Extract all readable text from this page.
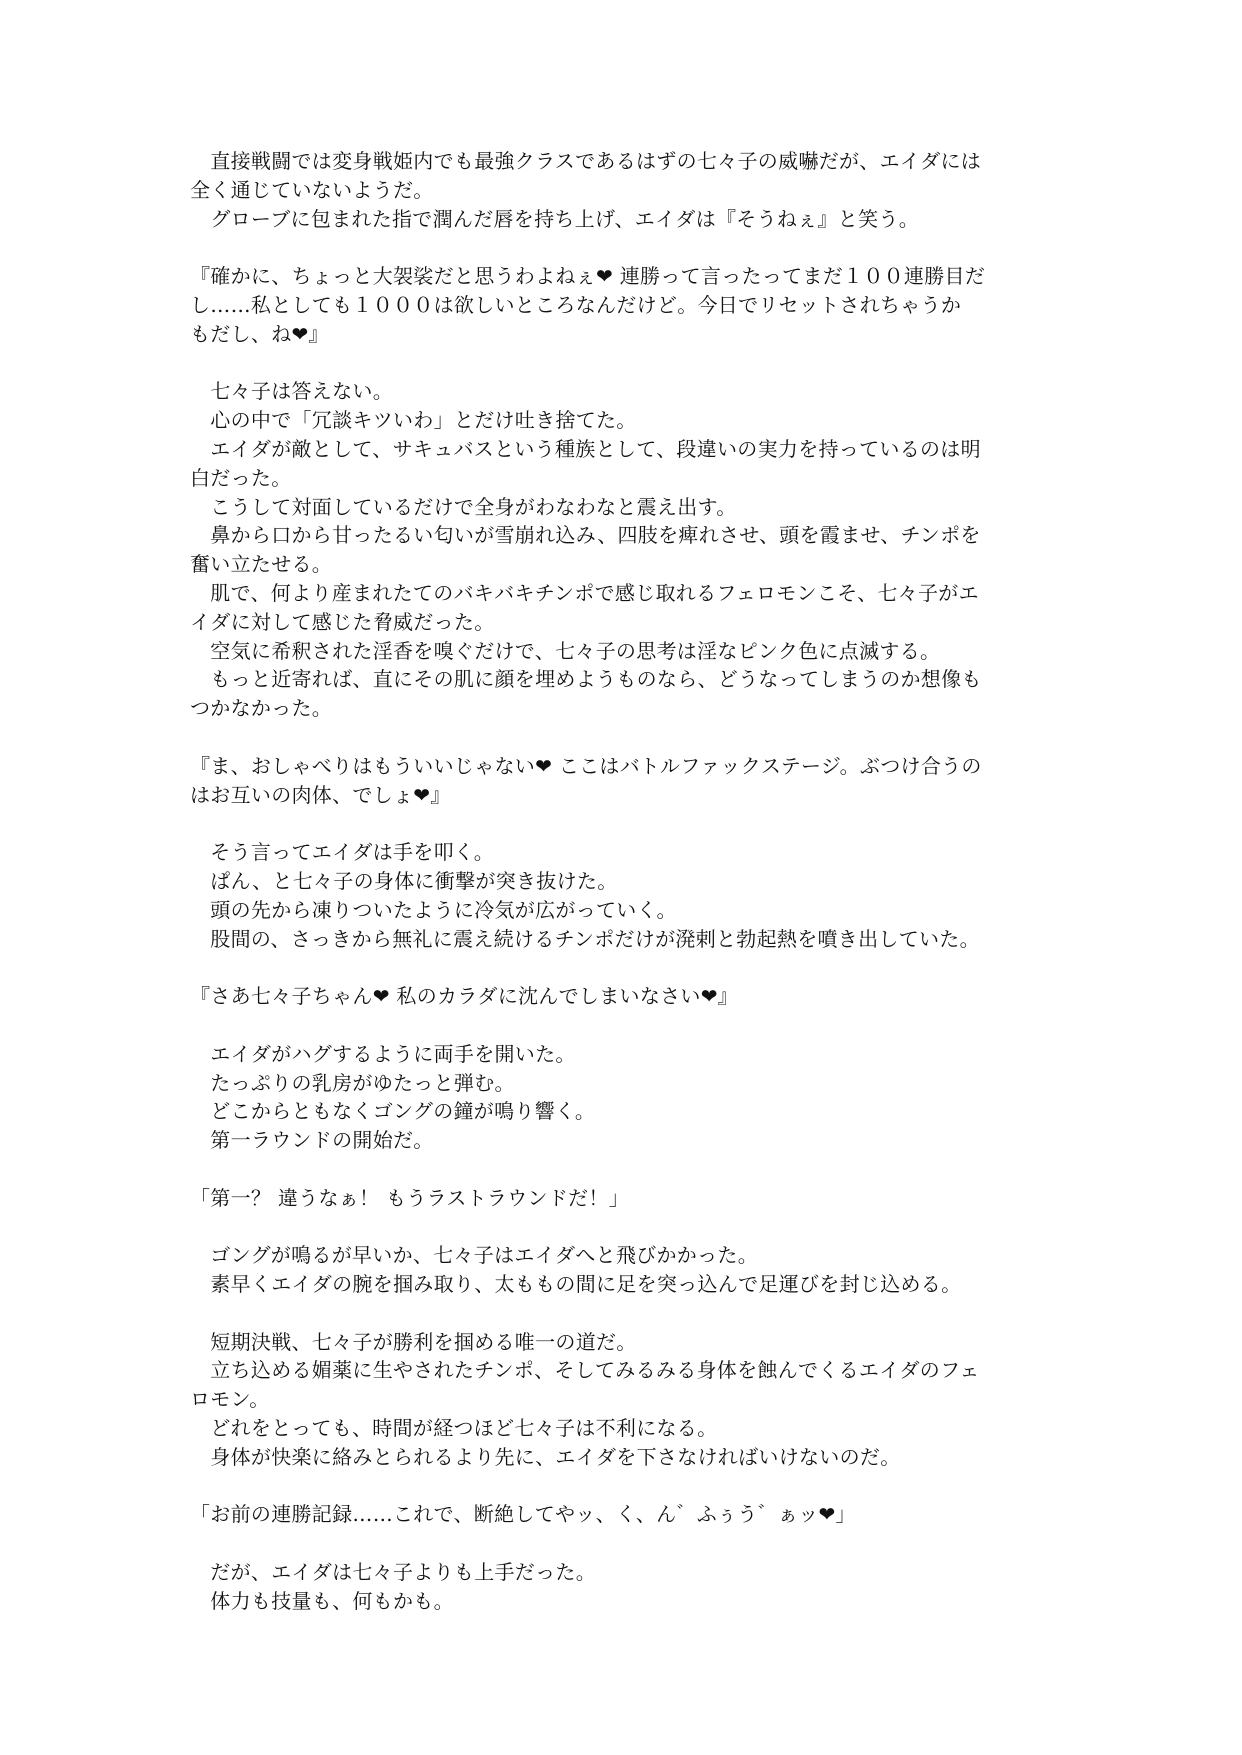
　直接戦闘では変身戦姫内でも最強クラスであるはずの七々子の威嚇だが、エイダには
全く通じていないようだ。
　グローブに包まれた指で潤んだ唇を持ち上げ、エイダは『そうねぇ』と笑う。
『確かに、ちょっと大袈裟だと思うわよねぇ❤ 連勝って言ったってまだ１００連勝目だ
し……私としても１０００は欲しいところなんだけど。今日でリセットされちゃうか
もだし、ね❤』
　七々子は答えない。
　心の中で「冗談キツいわ」とだけ吐き捨てた。
　エイダが敵として、サキュバスという種族として、段違いの実力を持っているのは明
白だった。
　こうして対面しているだけで全身がわなわなと震え出す。
　鼻から口から甘ったるい匂いが雪崩れ込み、四肢を痺れさせ、頭を霞ませ、チンポを
奮い立たせる。
　肌で、何より産まれたてのバキバキチンポで感じ取れるフェロモンこそ、七々子がエ
イダに対して感じた脅威だった。
　空気に希釈された淫香を嗅ぐだけで、七々子の思考は淫なピンク色に点滅する。
　もっと近寄れば、直にその肌に顔を埋めようものなら、どうなってしまうのか想像も
つかなかった。
『ま、おしゃべりはもういいじゃない❤ ここはバトルファックステージ。ぶつけ合うの
はお互いの肉体、でしょ❤』
　そう言ってエイダは手を叩く。
　ぱん、と七々子の身体に衝撃が突き抜けた。
　頭の先から凍りついたように冷気が広がっていく。
　股間の、さっきから無礼に震え続けるチンポだけが溌剌と勃起熱を噴き出していた。
『さあ七々子ちゃん❤ 私のカラダに沈んでしまいなさい❤』
　エイダがハグするように両手を開いた。
　たっぷりの乳房がゆたっと弾む。
　どこからともなくゴングの鐘が鳴り響く。
　第一ラウンドの開始だ。
「第一？ 違うなぁ！ もうラストラウンドだ！」
　ゴングが鳴るが早いか、七々子はエイダへと飛びかかった。
　素早くエイダの腕を掴み取り、太ももの間に足を突っ込んで足運びを封じ込める。
　短期決戦、七々子が勝利を掴める唯一の道だ。
　立ち込める媚薬に生やされたチンポ、そしてみるみる身体を蝕んでくるエイダのフェ
ロモン。
　どれをとっても、時間が経つほど七々子は不利になる。
　身体が快楽に絡みとられるより先に、エイダを下さなければいけないのだ。
「お前の連勝記録……これで、断絶してやッ、く、ん゛ふぅう゛ぁッ❤」
　だが、エイダは七々子よりも上手だった。
　体力も技量も、何もかも。
